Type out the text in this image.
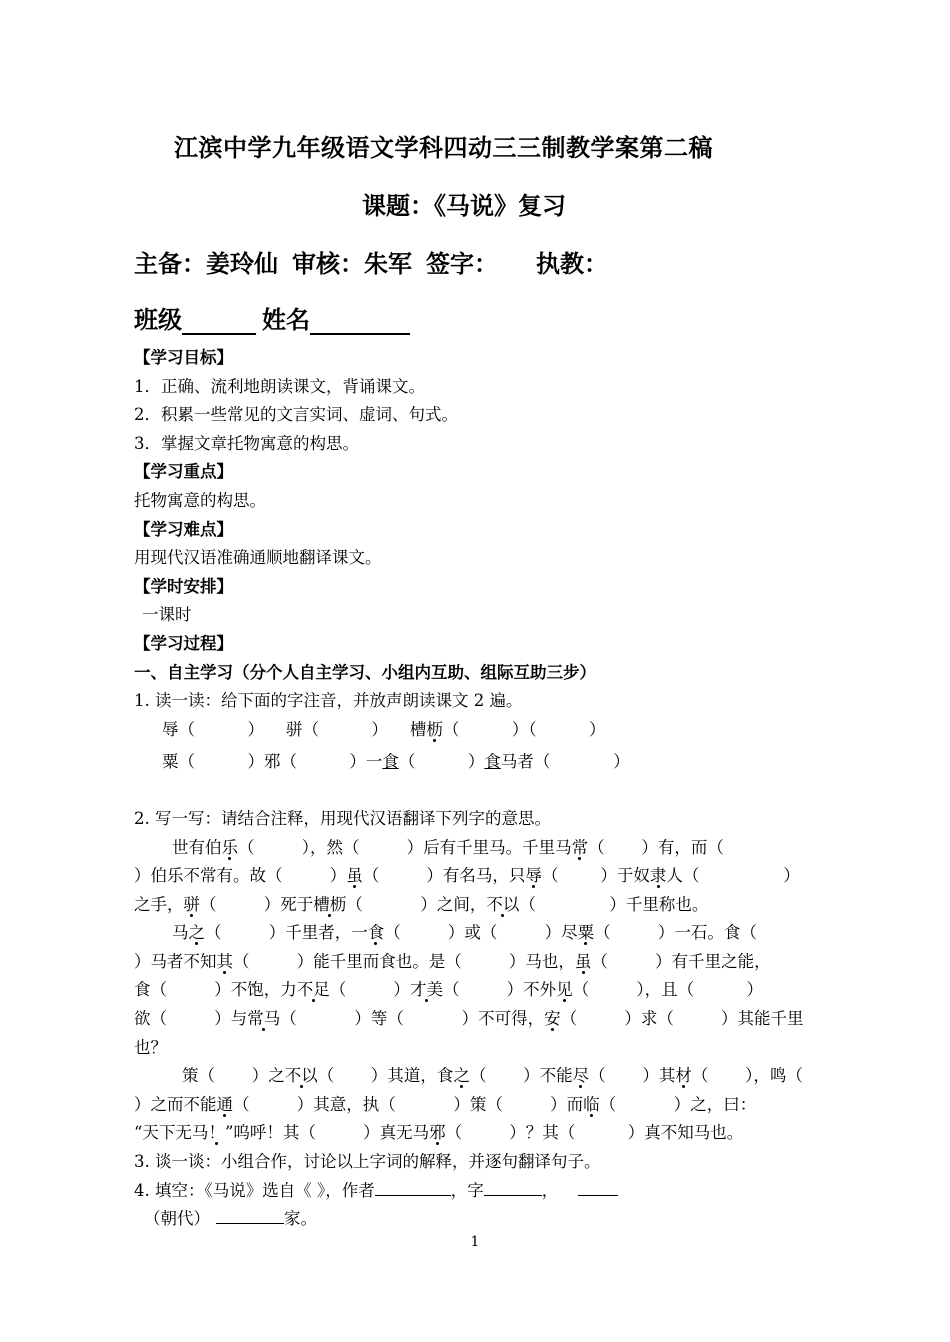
江滨中学九年级语文学科四动三三制教学案第二稿
课题：《马说》复习
主备：姜玲仙 审核：朱军 签字： 执教：
班级	姓名
【学习目标】
1．正确、流利地朗读课文，背诵课文。
2．积累一些常见的文言实词、虚词、句式。
3．掌握文章托物寓意的构思。
【学习重点】
托物寓意的构思。
【学习难点】
用现代汉语准确通顺地翻译课文。
【学时安排】
一课时
【学习过程】
一、自主学习（分个人自主学习、小组内互助、组际互助三步）
1. 读一读：给下面的字注音，并放声朗读课文 2 遍。
辱（          ） 骈（          ） 槽枥（          ）（          ）
粟（          ）邪（          ）一食（          ）食马者（            ）
2. 写一写：请结合注释，用现代汉语翻译下列字的意思。
世有伯乐（         ），然（         ）后有千里马。千里马常（       ）有，而（
）伯乐不常有。故（         ）虽（         ）有名马，只辱（        ）于奴隶人（                ）
之手，骈（         ）死于槽枥（           ）之间，不以（              ）千里称也。
马之（         ）千里者，一食（         ）或（         ）尽粟（         ）一石。食（
）马者不知其（         ）能千里而食也。是（         ）马也，虽（         ）有千里之能，
食（         ）不饱，力不足（         ）才美（         ）不外见（         ），且（          ）
欲（         ）与常马（           ）等（           ）不可得，安（         ）求（         ）其能千里
也？
策（       ）之不以（       ）其道，食之（       ）不能尽（       ）其材（       ），鸣（
）之而不能通（         ）其意，执（           ）策（         ）而临（           ）之，曰：
“天下无马！”呜呼！其（         ）真无马邪（         ）？其（          ）真不知马也。
3. 谈一谈：小组合作，讨论以上字词的解释，并逐句翻译句子。
4. 填空：《马说》选自《 》，作者	，字	，
（朝代）	家。
1
